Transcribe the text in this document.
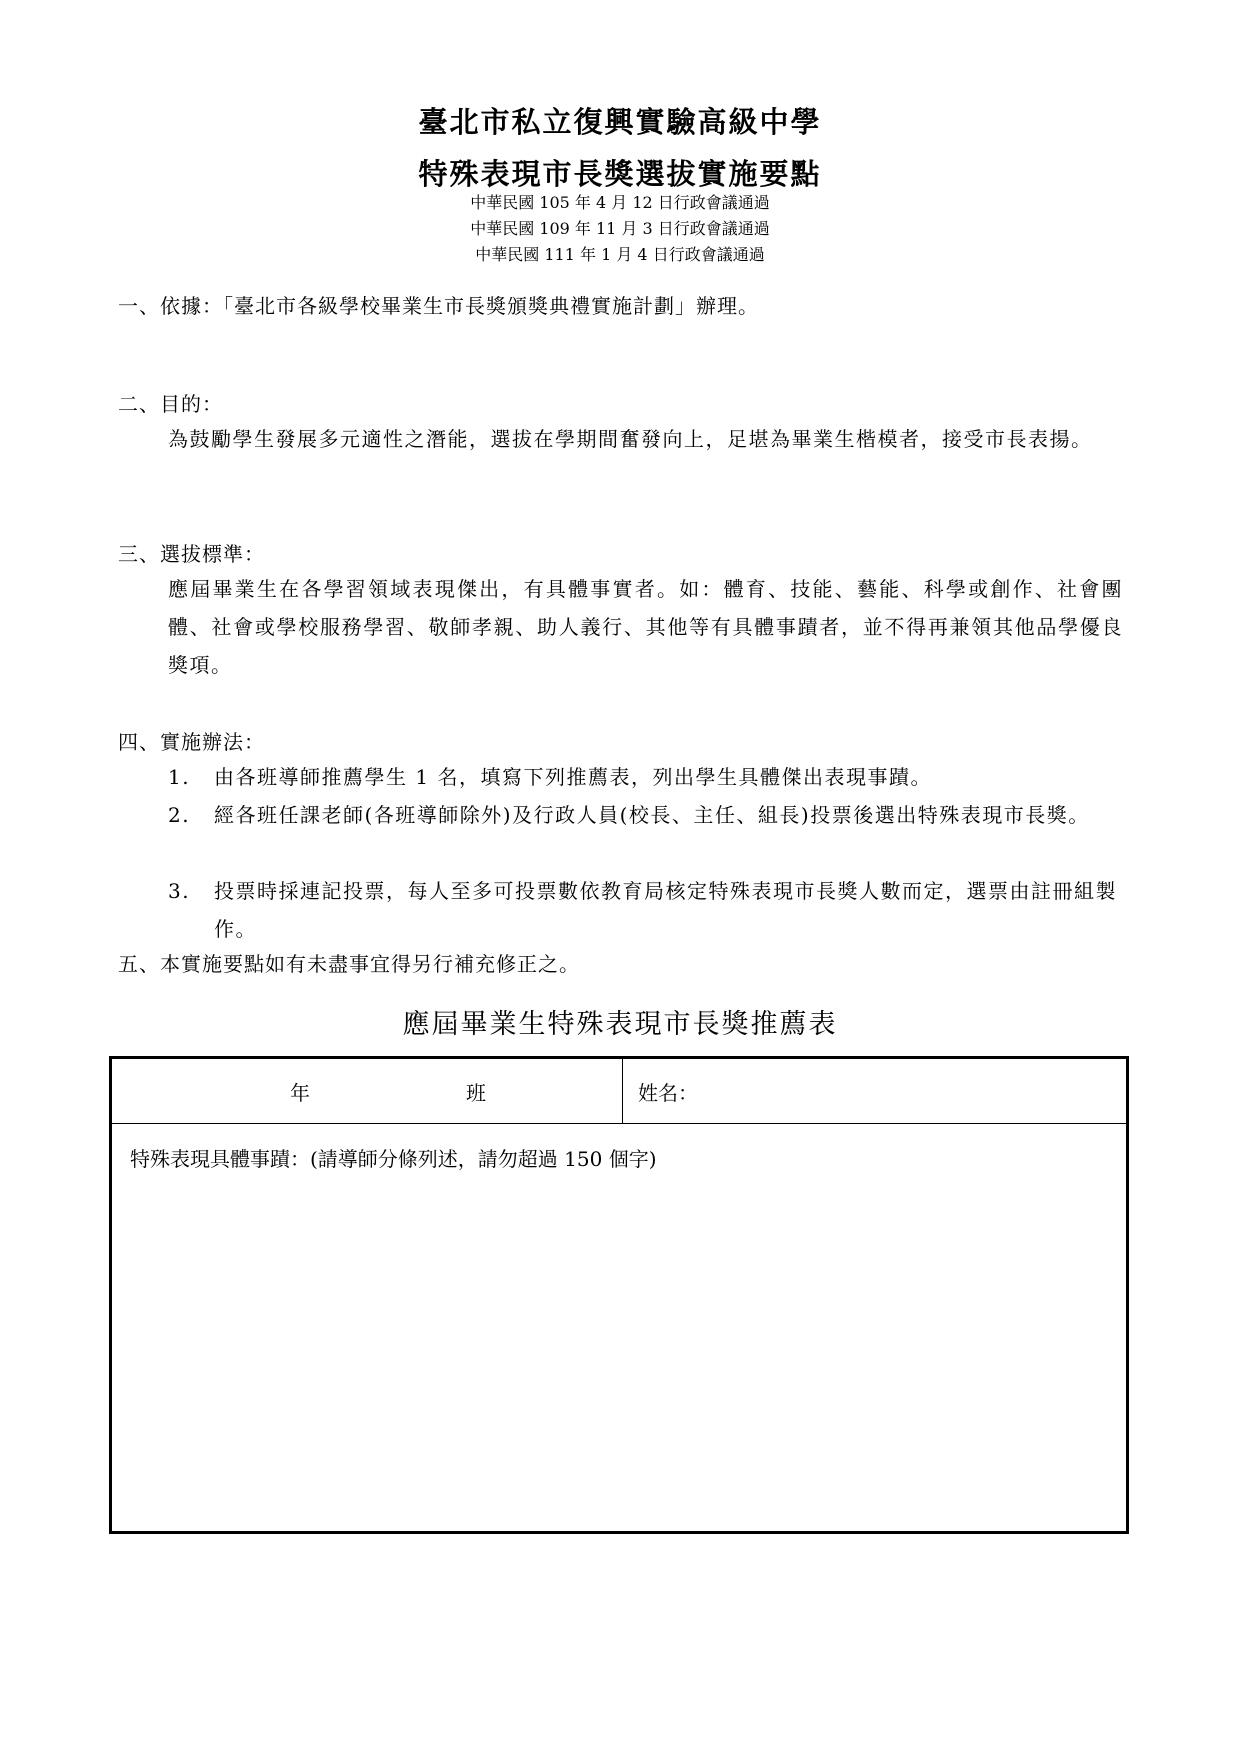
臺北市私立復興實驗高級中學
特殊表現市長獎選拔實施要點
中華民國 105 年 4 月 12 日行政會議通過
中華民國 109 年 11 月 3 日行政會議通過
中華民國 111 年 1 月 4 日行政會議通過
一、依據：「臺北市各級學校畢業生市長獎頒獎典禮實施計劃」辦理。
二、目的：
為鼓勵學生發展多元適性之潛能，選拔在學期間奮發向上，足堪為畢業生楷模者，接受市長表揚。
三、選拔標準：
應屆畢業生在各學習領域表現傑出，有具體事實者。如：體育、技能、藝能、科學或創作、社會團體、社會或學校服務學習、敬師孝親、助人義行、其他等有具體事蹟者，並不得再兼領其他品學優良獎項。
四、實施辦法：
1.	由各班導師推薦學生 1 名，填寫下列推薦表，列出學生具體傑出表現事蹟。
2.	經各班任課老師(各班導師除外)及行政人員(校長、主任、組長)投票後選出特殊表現市長獎。
3.	投票時採連記投票，每人至多可投票數依教育局核定特殊表現市長獎人數而定，選票由註冊組製作。
五、本實施要點如有未盡事宜得另行補充修正之。
應屆畢業生特殊表現市長獎推薦表
年	班	姓名：
特殊表現具體事蹟：(請導師分條列述，請勿超過 150 個字)
